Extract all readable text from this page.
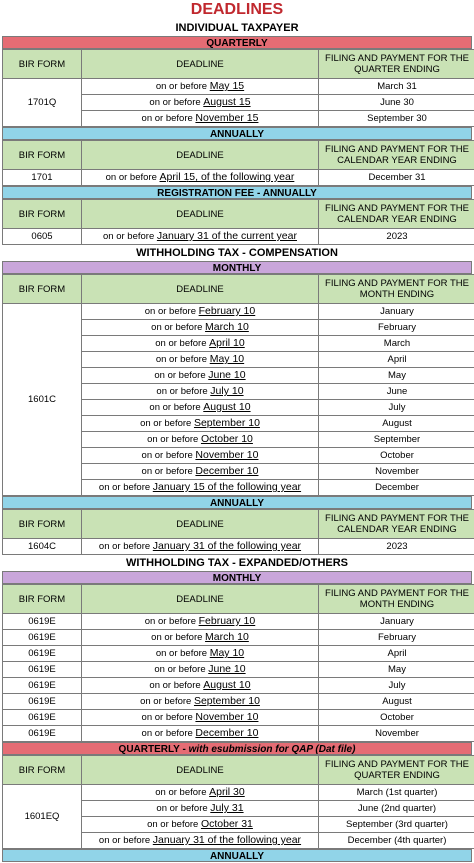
DEADLINES
INDIVIDUAL TAXPAYER
QUARTERLY
BIR FORM	DEADLINE	FILING AND PAYMENT FOR THE QUARTER ENDING
1701Q	on or before May 15	March 31
	on or before August 15	June 30
	on or before November 15	September 30
ANNUALLY
BIR FORM	DEADLINE	FILING AND PAYMENT FOR THE CALENDAR YEAR ENDING
1701	on or before April 15, of the following year	December 31
REGISTRATION FEE - ANNUALLY
BIR FORM	DEADLINE	FILING AND PAYMENT FOR THE CALENDAR YEAR ENDING
0605	on or before January 31 of the current year	2023
WITHHOLDING TAX - COMPENSATION
MONTHLY
BIR FORM	DEADLINE	FILING AND PAYMENT FOR THE MONTH ENDING
1601C	on or before February 10	January
	on or before March 10	February
	on or before April 10	March
	on or before May 10	April
	on or before June 10	May
	on or before July 10	June
	on or before August 10	July
	on or before September 10	August
	on or before October 10	September
	on or before November 10	October
	on or before December 10	November
	on or before January 15 of the following year	December
ANNUALLY
BIR FORM	DEADLINE	FILING AND PAYMENT FOR THE CALENDAR YEAR ENDING
1604C	on or before January 31 of the following year	2023
WITHHOLDING TAX - EXPANDED/OTHERS
MONTHLY
BIR FORM	DEADLINE	FILING AND PAYMENT FOR THE MONTH ENDING
0619E	on or before February 10	January
0619E	on or before March 10	February
0619E	on or before May 10	April
0619E	on or before June 10	May
0619E	on or before August 10	July
0619E	on or before September 10	August
0619E	on or before November 10	October
0619E	on or before December 10	November
QUARTERLY - with esubmission for QAP (Dat file)
BIR FORM	DEADLINE	FILING AND PAYMENT FOR THE QUARTER ENDING
1601EQ	on or before April 30	March (1st quarter)
	on or before July 31	June (2nd quarter)
	on or before October 31	September (3rd quarter)
	on or before January 31 of the following year	December (4th quarter)
ANNUALLY
